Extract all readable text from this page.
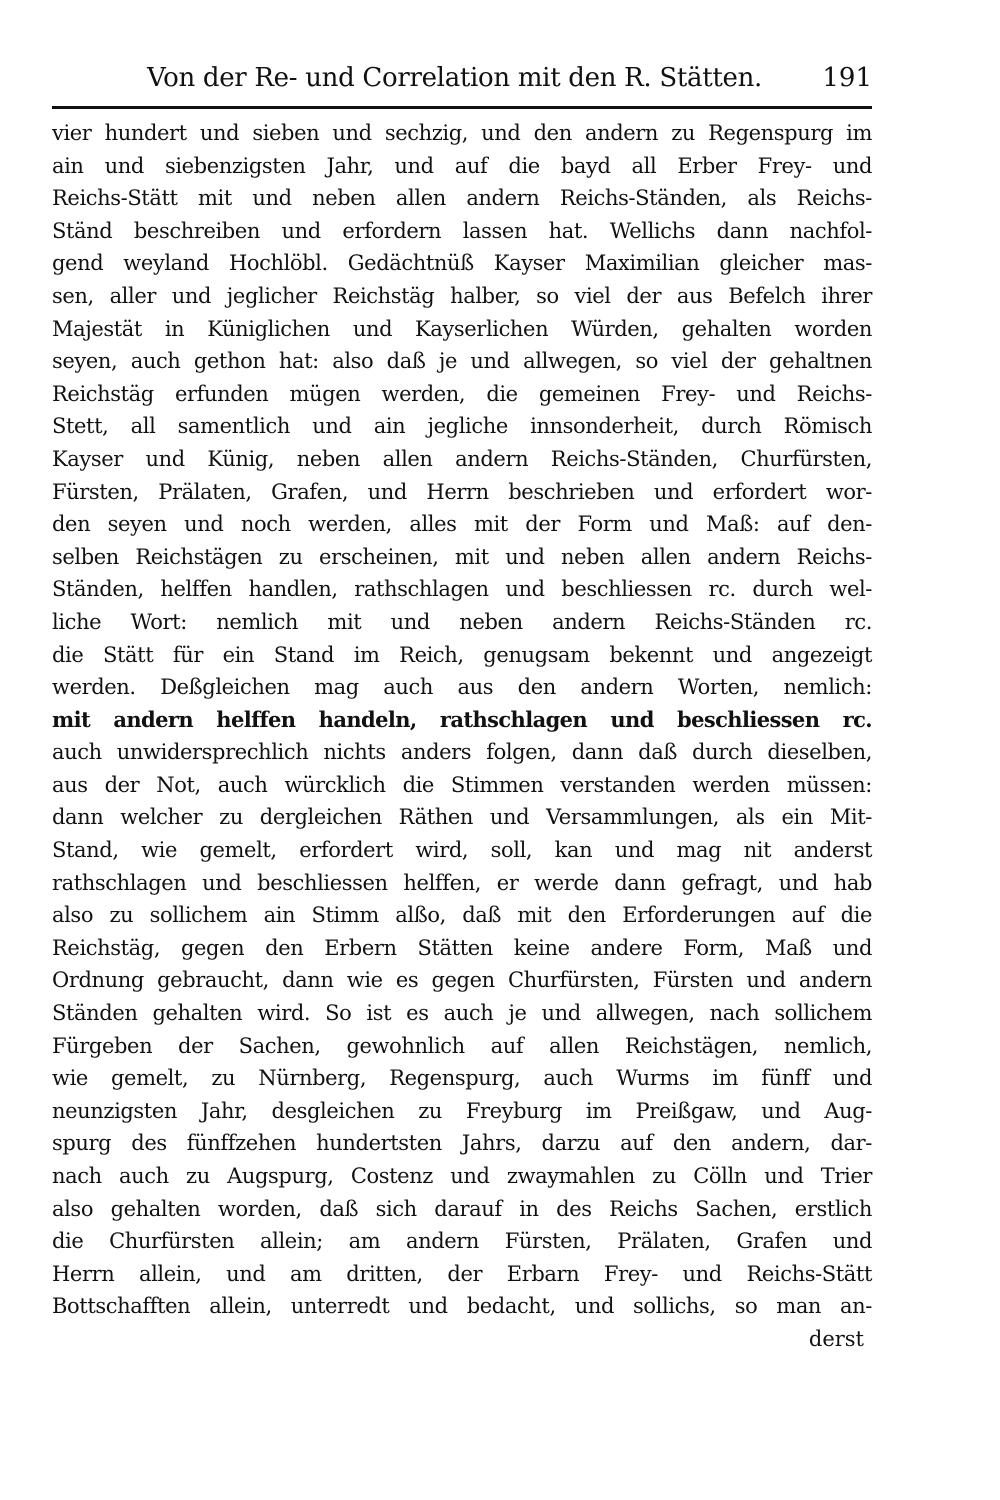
Von der Re- und Correlation mit den R. Stätten. 191
vier hundert und sieben und sechzig, und den andern zu Regenspurg im
ain und siebenzigsten Jahr, und auf die bayd all Erber Frey- und
Reichs-Stätt mit und neben allen andern Reichs-Ständen, als Reichs-
Ständ beschreiben und erfordern lassen hat. Wellichs dann nachfol-
gend weyland Hochlöbl. Gedächtnüß Kayser Maximilian gleicher mas-
sen, aller und jeglicher Reichstäg halber, so viel der aus Befelch ihrer
Majestät in Küniglichen und Kayserlichen Würden, gehalten worden
seyen, auch gethon hat: also daß je und allwegen, so viel der gehaltnen
Reichstäg erfunden mügen werden, die gemeinen Frey- und Reichs-
Stett, all samentlich und ain jegliche innsonderheit, durch Römisch
Kayser und Künig, neben allen andern Reichs-Ständen, Churfürsten,
Fürsten, Prälaten, Grafen, und Herrn beschrieben und erfordert wor-
den seyen und noch werden, alles mit der Form und Maß: auf den-
selben Reichstägen zu erscheinen, mit und neben allen andern Reichs-
Ständen, helffen handlen, rathschlagen und beschliessen rc. durch wel-
liche Wort: nemlich mit und neben andern Reichs-Ständen rc.
die Stätt für ein Stand im Reich, genugsam bekennt und angezeigt
werden. Deßgleichen mag auch aus den andern Worten, nemlich:
mit andern helffen handeln, rathschlagen und beschliessen rc.
auch unwidersprechlich nichts anders folgen, dann daß durch dieselben,
aus der Not, auch würcklich die Stimmen verstanden werden müssen:
dann welcher zu dergleichen Räthen und Versammlungen, als ein Mit-
Stand, wie gemelt, erfordert wird, soll, kan und mag nit anderst
rathschlagen und beschliessen helffen, er werde dann gefragt, und hab
also zu sollichem ain Stimm alßo, daß mit den Erforderungen auf die
Reichstäg, gegen den Erbern Stätten keine andere Form, Maß und
Ordnung gebraucht, dann wie es gegen Churfürsten, Fürsten und andern
Ständen gehalten wird. So ist es auch je und allwegen, nach sollichem
Fürgeben der Sachen, gewohnlich auf allen Reichstägen, nemlich,
wie gemelt, zu Nürnberg, Regenspurg, auch Wurms im fünff und
neunzigsten Jahr, desgleichen zu Freyburg im Preißgaw, und Aug-
spurg des fünffzehen hundertsten Jahrs, darzu auf den andern, dar-
nach auch zu Augspurg, Costenz und zwaymahlen zu Cölln und Trier
also gehalten worden, daß sich darauf in des Reichs Sachen, erstlich
die Churfürsten allein; am andern Fürsten, Prälaten, Grafen und
Herrn allein, und am dritten, der Erbarn Frey- und Reichs-Stätt
Bottschafften allein, unterredt und bedacht, und sollichs, so man an-
derst
